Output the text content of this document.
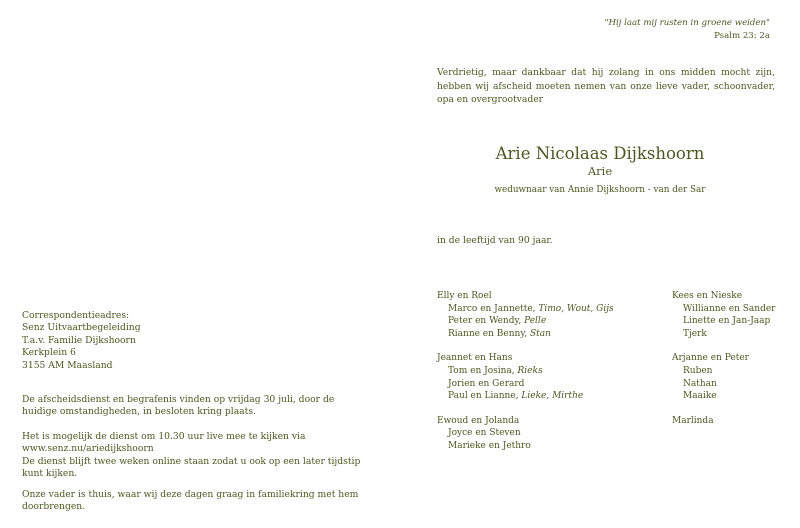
Correspondentieadres:
Senz Uitvaartbegeleiding
T.a.v. Familie Dijkshoorn
Kerkplein 6
3155 AM Maasland
De afscheidsdienst en begrafenis vinden op vrijdag 30 juli, door de huidige omstandigheden, in besloten kring plaats.
Het is mogelijk de dienst om 10.30 uur live mee te kijken via
www.senz.nu/ariedijkshoorn
De dienst blijft twee weken online staan zodat u ook op een later tijdstip kunt kijken.
Onze vader is thuis, waar wij deze dagen graag in familiekring met hem doorbrengen.
"Hij laat mij rusten in groene weiden"
Psalm 23: 2a
Verdrietig, maar dankbaar dat hij zolang in ons midden mocht zijn, hebben wij afscheid moeten nemen van onze lieve vader, schoonvader, opa en overgrootvader
Arie Nicolaas Dijkshoorn
Arie
weduwnaar van Annie Dijkshoorn - van der Sar
in de leeftijd van 90 jaar.
Elly en Roel
Marco en Jannette, Timo, Wout, Gijs
Peter en Wendy, Pelle
Rianne en Benny, Stan
Jeannet en Hans
Tom en Josina, Rieks
Jorien en Gerard
Paul en Lianne, Lieke, Mirthe
Ewoud en Jolanda
Joyce en Steven
Marieke en Jethro
Kees en Nieske
Willianne en Sander
Linette en Jan-Jaap
Tjerk
Arjanne en Peter
Ruben
Nathan
Maaike
Marlinda
